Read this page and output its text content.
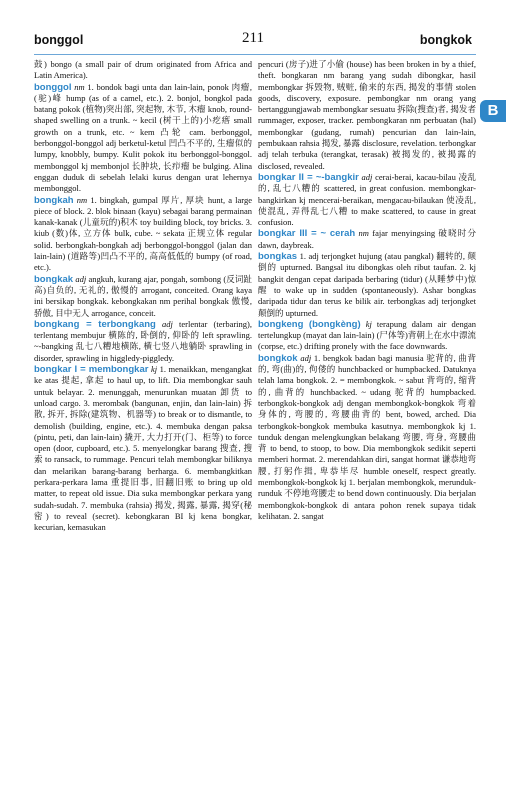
bonggol	211	bongkok
B

鼓) bongo (a small pair of drum originated from Africa and Latin America).

bonggol nm 1. bondok bagi unta dan lain-lain, ponok 肉瘤, (驼)峰 hump (as of a camel, etc.). 2. bonjol, bongkol pada batang pokok (植物)突出部, 突起物, 木节, 木瘤 knob, round-shaped swelling on a trunk. ~ kecil (树干上的)小疙瘩 small growth on a trunk, etc. ~ kem 凸轮 cam. berbonggol, berbonggol-bonggol adj berketul-ketul 凹凸不平的, 生瘤似的 lumpy, knobbly, bumpy. Kulit pokok itu berbonggol-bonggol. membonggol kj membonjol 长肿块, 长疖瘤 be bulging. Alina enggan duduk di sebelah lelaki kurus dengan urat lehernya membonggol.

bongkah nm 1. bingkah, gumpal 厚片, 厚块 hunt, a large piece of block. 2. blok binaan (kayu) sebagai barang permainan kanak-kanak (儿童玩的)积木 toy building block, toy bricks. 3. kiub (数)体, 立方体 bulk, cube. ~ sekata 正规立体 regular solid. berbongkah-bongkah adj berbonggol-bonggol (jalan dan lain-lain) (道路等)凹凸不平的, 高高低低的 bumpy (of road, etc.).

bongkak adj angkuh, kurang ajar, pongah, sombong (反词趾高)自负的, 无礼的, 傲慢的 arrogant, conceited. Orang kaya ini bersikap bongkak. kebongkakan nm perihal bongkak 傲慢, 骄傲, 目中无人 arrogance, conceit.

bongkang = terbongkang adj terlentar (terbaring), terlentang membujur 横陈的, 卧倒的, 仰卧的 left sprawling. ~-bangking 乱七八糟地横陈, 横七竖八地躺卧 sprawling in disorder, sprawling in higgledy-piggledy.

bongkar I = membongkar kj 1. menaikkan, mengangkat ke atas 提起, 拿起 to haul up, to lift. Dia membongkar sauh untuk belayar. 2. menunggah, menurunkan muatan 卸货 to unload cargo. 3. merombak (bangunan, enjin, dan lain-lain) 拆散, 拆开, 拆除(建筑物、机器等) to break or to dismantle, to demolish (building, engine, etc.). 4. membuka dengan paksa (pintu, peti, dan lain-lain) 撬开, 大力打开(门、柜等) to force open (door, cupboard, etc.). 5. menyelongkar barang 搜查, 搜索 to ransack, to rummage. Pencuri telah membongkar biliknya dan melarikan barang-barang berharga. 6. membangkitkan perkara-perkara lama 重提旧事, 旧翻旧账 to bring up old matter, to repeat old issue. Dia suka membongkar perkara yang sudah-sudah. 7. membuka (rahsia) 揭发, 揭露, 暴露, 揭穿(秘密) to reveal (secret). kebongkaran BI kj kena bongkar, kecurian, kemasukan

pencuri (房子)进了小偷 (house) has been broken in by a thief, theft. bongkaran nm barang yang sudah dibongkar, hasil membongkar 拆毁物, 贼赃, 偷来的东西, 揭发的事情 stolen goods, discovery, exposure. pembongkar nm orang yang bertanggungjawab membongkar sesuatu 拆除(搜查)者, 揭发者 rummager, exposer, tracker. pembongkaran nm perbuatan (hal) membongkar (gudang, rumah) pencurian dan lain-lain, pembukaan rahsia 揭发, 暴露 disclosure, revelation. terbongkar adj telah terbuka (terangkat, terasak) 被揭发的, 被揭露的 disclosed, revealed.

bongkar II = ~-bangkir adj cerai-berai, kacau-bilau 凌乱的, 乱七八糟的 scattered, in great confusion. membongkar-bangkirkan kj menceraі-beraikan, mengacau-bilaukan 使凌乱, 使混乱, 弄得乱七八糟 to make scattered, to cause in great confusion.

bongkar III = ~ cerah nm fajar menyingsing 破晓时分 dawn, daybreak.

bongkas 1. adj terjongket hujung (atau pangkal) 翻转的, 颠倒的 upturned. Bangsal itu dibongkas oleh ribut taufan. 2. kj bangkit dengan cepat daripada berbaring (tidur) (从睡梦中)惊醒 to wake up in sudden (spontaneously). Ashar bongkas daripada tidur dan terus ke bilik air. terbongkas adj terjongket 颠倒的 upturned.

bongkeng (bongkèng) kj terapung dalam air dengan tertelungkup (mayat dan lain-lain) (尸体等)背朝上在水中漂流 (corpse, etc.) drifting pronely with the face downwards.

bongkok adj 1. bengkok badan bagi manusia 驼背的, 曲背的, 弯(曲)的, 佝偻的 hunchbacked or humpbacked. Datuknya telah lama bongkok. 2. = membongkok. ~ sabut 背弯的, 缩背的, 曲背的 hunchbacked. ~ udang 驼背的 humpbacked. terbongkok-bongkok adj dengan membongkok-bongkok 弯着身体的, 弯腰的, 弯腰曲背的 bent, bowed, arched. Dia terbongkok-bongkok membuka kasutnya. membongkok kj 1. tunduk dengan melengkungkan belakang 弯腰, 弯身, 弯腰曲背 to bend, to stoop, to bow. Dia membongkok sedikit seperti memberi hormat. 2. merendahkan diri, sangat hormat 谦恭地弯腰, 打躬作揖, 卑恭毕尽 humble oneself, respect greatly. membongkok-bongkok kj 1. berjalan membongkok, merunduk-runduk 不停地弯腰走 to bend down continuously. Dia berjalan membongkok-bongkok di antara pohon renek supaya tidak kelihatan. 2. sangat
